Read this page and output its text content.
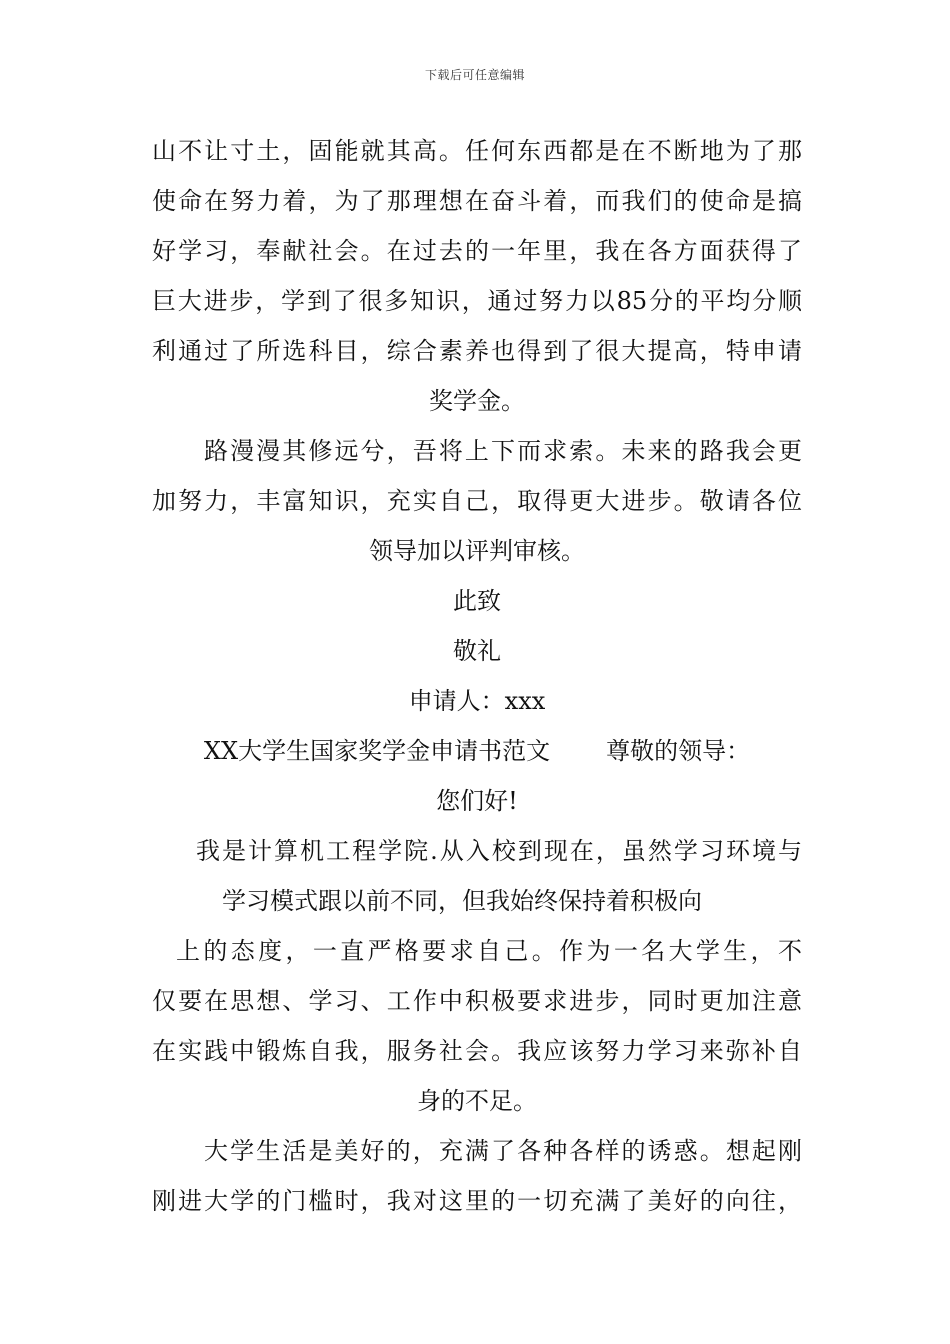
下载后可任意编辑
山不让寸土，固能就其高。任何东西都是在不断地为了那
使命在努力着，为了那理想在奋斗着，而我们的使命是搞
好学习，奉献社会。在过去的一年里，我在各方面获得了
巨大进步，学到了很多知识，通过努力以85分的平均分顺
利通过了所选科目，综合素养也得到了很大提高，特申请
奖学金。
路漫漫其修远兮，吾将上下而求索。未来的路我会更
加努力，丰富知识，充实自己，取得更大进步。敬请各位
领导加以评判审核。
此致
敬礼
申请人：xxx
XX大学生国家奖学金申请书范文 尊敬的领导：
您们好!
我是计算机工程学院.从入校到现在，虽然学习环境与
学习模式跟以前不同，但我始终保持着积极向
上的态度，一直严格要求自己。作为一名大学生，不
仅要在思想、学习、工作中积极要求进步，同时更加注意
在实践中锻炼自我，服务社会。我应该努力学习来弥补自
身的不足。
大学生活是美好的，充满了各种各样的诱惑。想起刚
刚进大学的门槛时，我对这里的一切充满了美好的向往，
